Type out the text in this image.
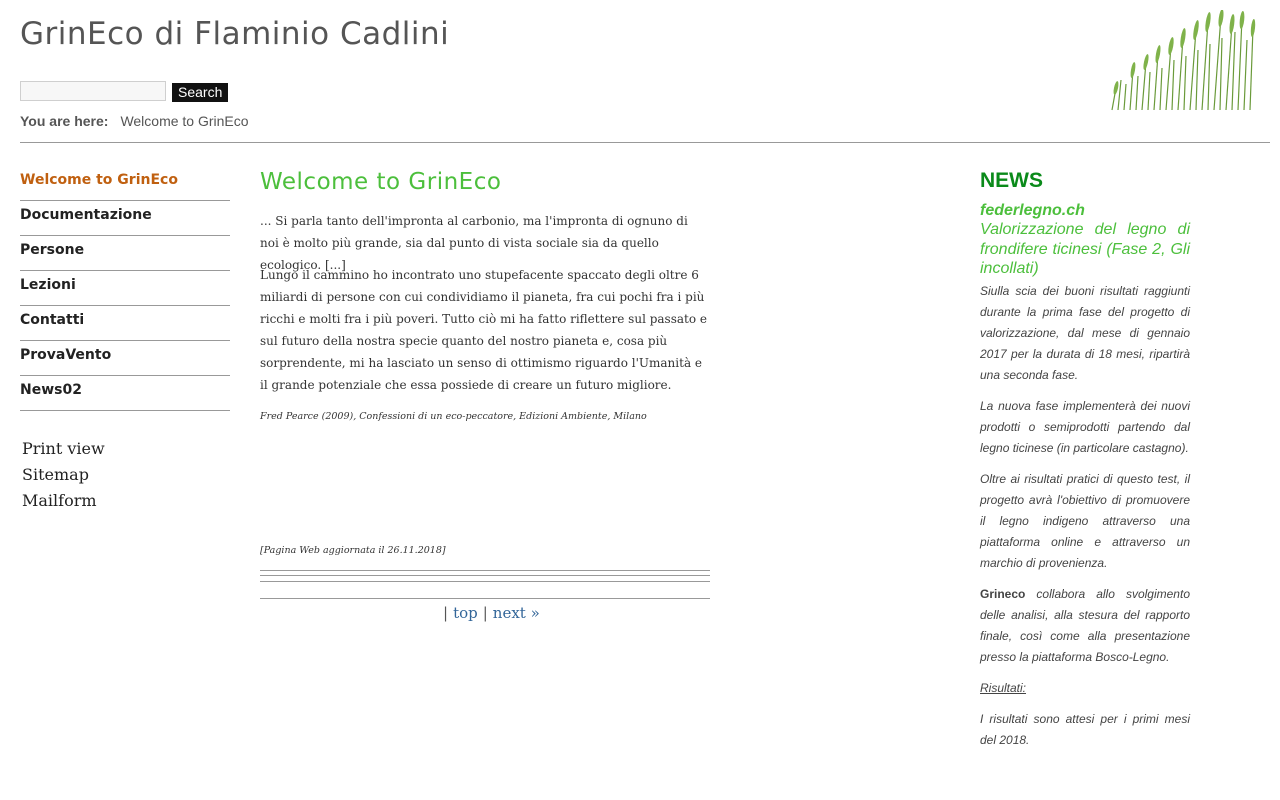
GrinEco di Flaminio Cadlini
Search
You are here: Welcome to GrinEco
Welcome to GrinEco
Documentazione
Persone
Lezioni
Contatti
ProvaVento
News02
Print view
Sitemap
Mailform
Welcome to GrinEco

... Si parla tanto dell'impronta al carbonio, ma l'impronta di ognuno di noi è molto più grande, sia dal punto di vista sociale sia da quello ecologico. [...]

Lungo il cammino ho incontrato uno stupefacente spaccato degli oltre 6 miliardi di persone con cui condividiamo il pianeta, fra cui pochi fra i più ricchi e molti fra i più poveri. Tutto ciò mi ha fatto riflettere sul passato e sul futuro della nostra specie quanto del nostro pianeta e, cosa più sorprendente, mi ha lasciato un senso di ottimismo riguardo l'Umanità e il grande potenziale che essa possiede di creare un futuro migliore.

Fred Pearce (2009), Confessioni di un eco-peccatore, Edizioni Ambiente, Milano

[Pagina Web aggiornata il 26.11.2018]

| top | next »
NEWS
federlegno.ch
Valorizzazione del legno di frondifere ticinesi (Fase 2, Gli incollati)

Siulla scia dei buoni risultati raggiunti durante la prima fase del progetto di valorizzazione, dal mese di gennaio 2017 per la durata di 18 mesi, ripartirà una seconda fase.

La nuova fase implementerà dei nuovi prodotti o semiprodotti partendo dal legno ticinese (in particolare castagno).

Oltre ai risultati pratici di questo test, il progetto avrà l'obiettivo di promuovere il legno indigeno attraverso una piattaforma online e attraverso un marchio di provenienza.

Grineco collabora allo svolgimento delle analisi, alla stesura del rapporto finale, così come alla presentazione presso la piattaforma Bosco-Legno.

Risultati:

I risultati sono attesi per i primi mesi del 2018.
